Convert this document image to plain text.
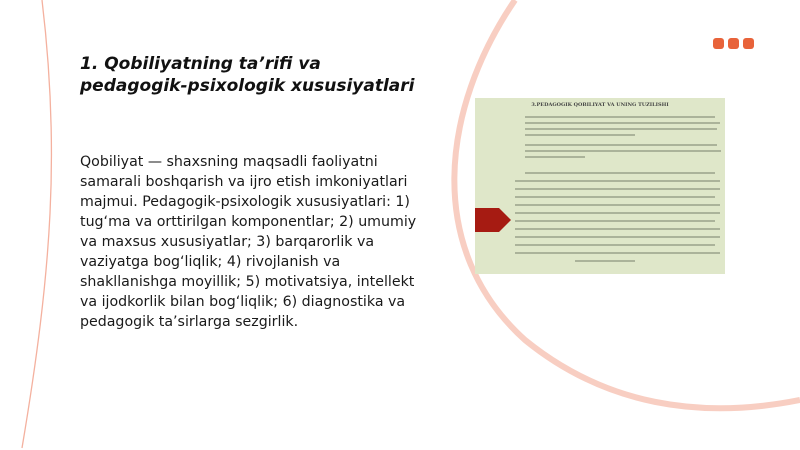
1. Qobiliyatning ta’rifi va pedagogik-psixologik xususiyatlari

Qobiliyat — shaxsning maqsadli faoliyatni samarali boshqarish va ijro etish imkoniyatlari majmui. Pedagogik-psixologik xususiyatlari: 1) tug‘ma va orttirilgan komponentlar; 2) umumiy va maxsus xususiyatlar; 3) barqarorlik va vaziyatga bog‘liqlik; 4) rivojlanish va shakllanishga moyillik; 5) motivatsiya, intellekt va ijodkorlik bilan bog‘liqlik; 6) diagnostika va pedagogik ta’sirlarga sezgirlik.

3.PEDAGOGIK QOBILIYAT VA UNING TUZILISHI
